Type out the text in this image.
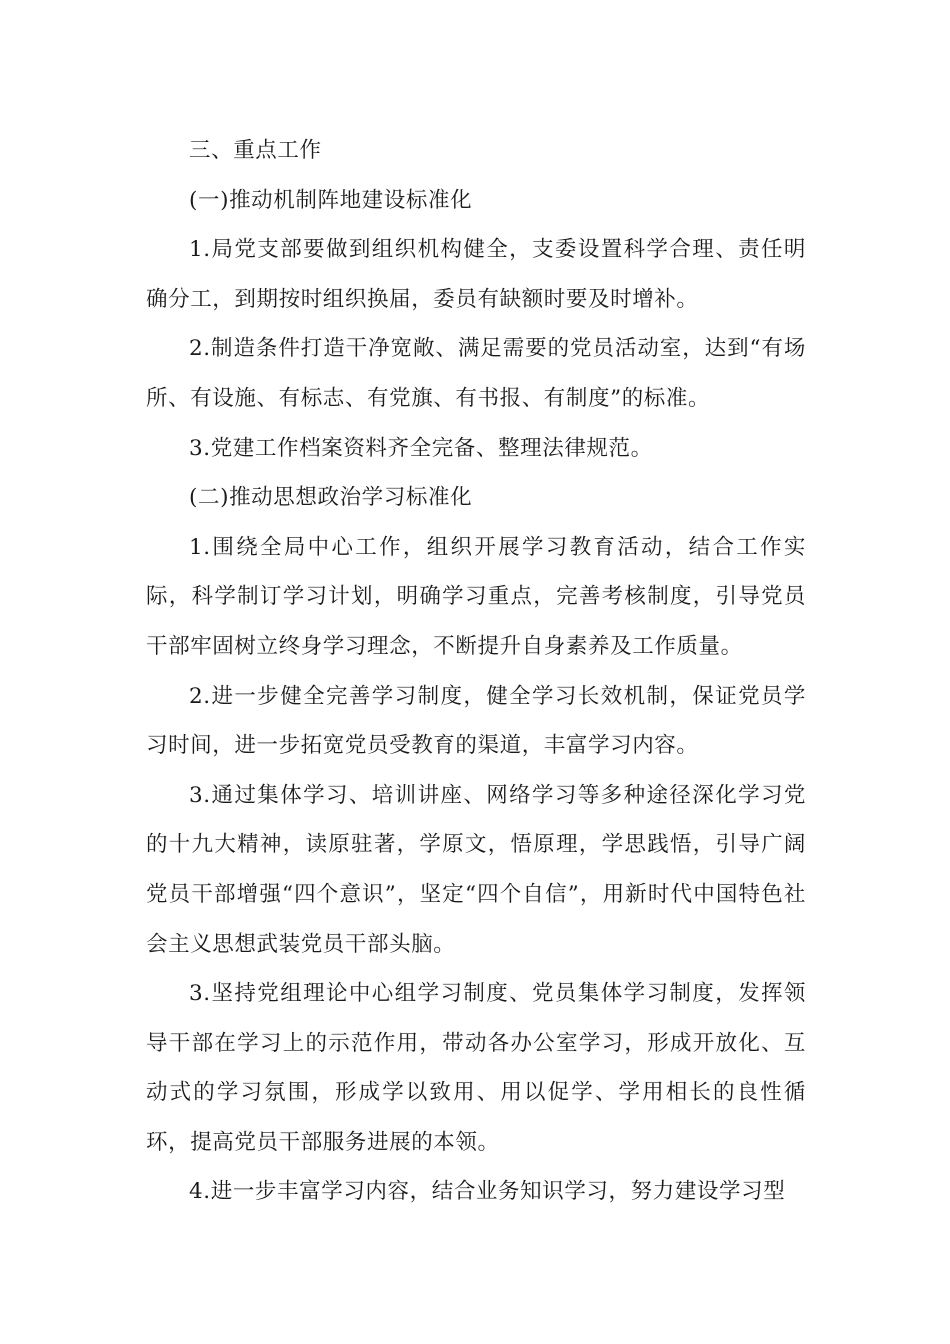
三、重点工作

(一)推动机制阵地建设标准化

1.局党支部要做到组织机构健全，支委设置科学合理、责任明确分工，到期按时组织换届，委员有缺额时要及时增补。

2.制造条件打造干净宽敞、满足需要的党员活动室，达到“有场所、有设施、有标志、有党旗、有书报、有制度”的标准。

3.党建工作档案资料齐全完备、整理法律规范。

(二)推动思想政治学习标准化

1.围绕全局中心工作，组织开展学习教育活动，结合工作实际，科学制订学习计划，明确学习重点，完善考核制度，引导党员干部牢固树立终身学习理念，不断提升自身素养及工作质量。

2.进一步健全完善学习制度，健全学习长效机制，保证党员学习时间，进一步拓宽党员受教育的渠道，丰富学习内容。

3.通过集体学习、培训讲座、网络学习等多种途径深化学习党的十九大精神，读原驻著，学原文，悟原理，学思践悟，引导广阔党员干部增强“四个意识”，坚定“四个自信”，用新时代中国特色社会主义思想武装党员干部头脑。

3.坚持党组理论中心组学习制度、党员集体学习制度，发挥领导干部在学习上的示范作用，带动各办公室学习，形成开放化、互动式的学习氛围，形成学以致用、用以促学、学用相长的良性循环，提高党员干部服务进展的本领。

4.进一步丰富学习内容，结合业务知识学习，努力建设学习型
